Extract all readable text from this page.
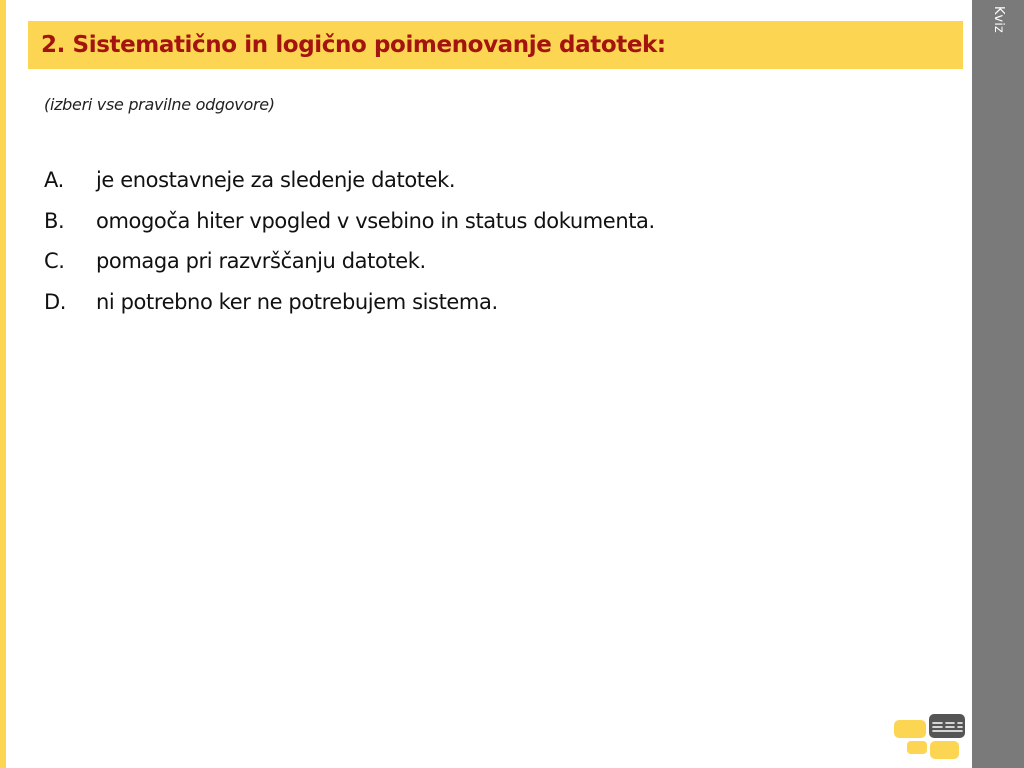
Kviz
2. Sistematično in logično poimenovanje datotek:
(izberi vse pravilne odgovore)
A.	je enostavneje za sledenje datotek.
B.	omogoča hiter vpogled v vsebino in status dokumenta.
C.	pomaga pri razvrščanju datotek.
D.	ni potrebno ker ne potrebujem sistema.
